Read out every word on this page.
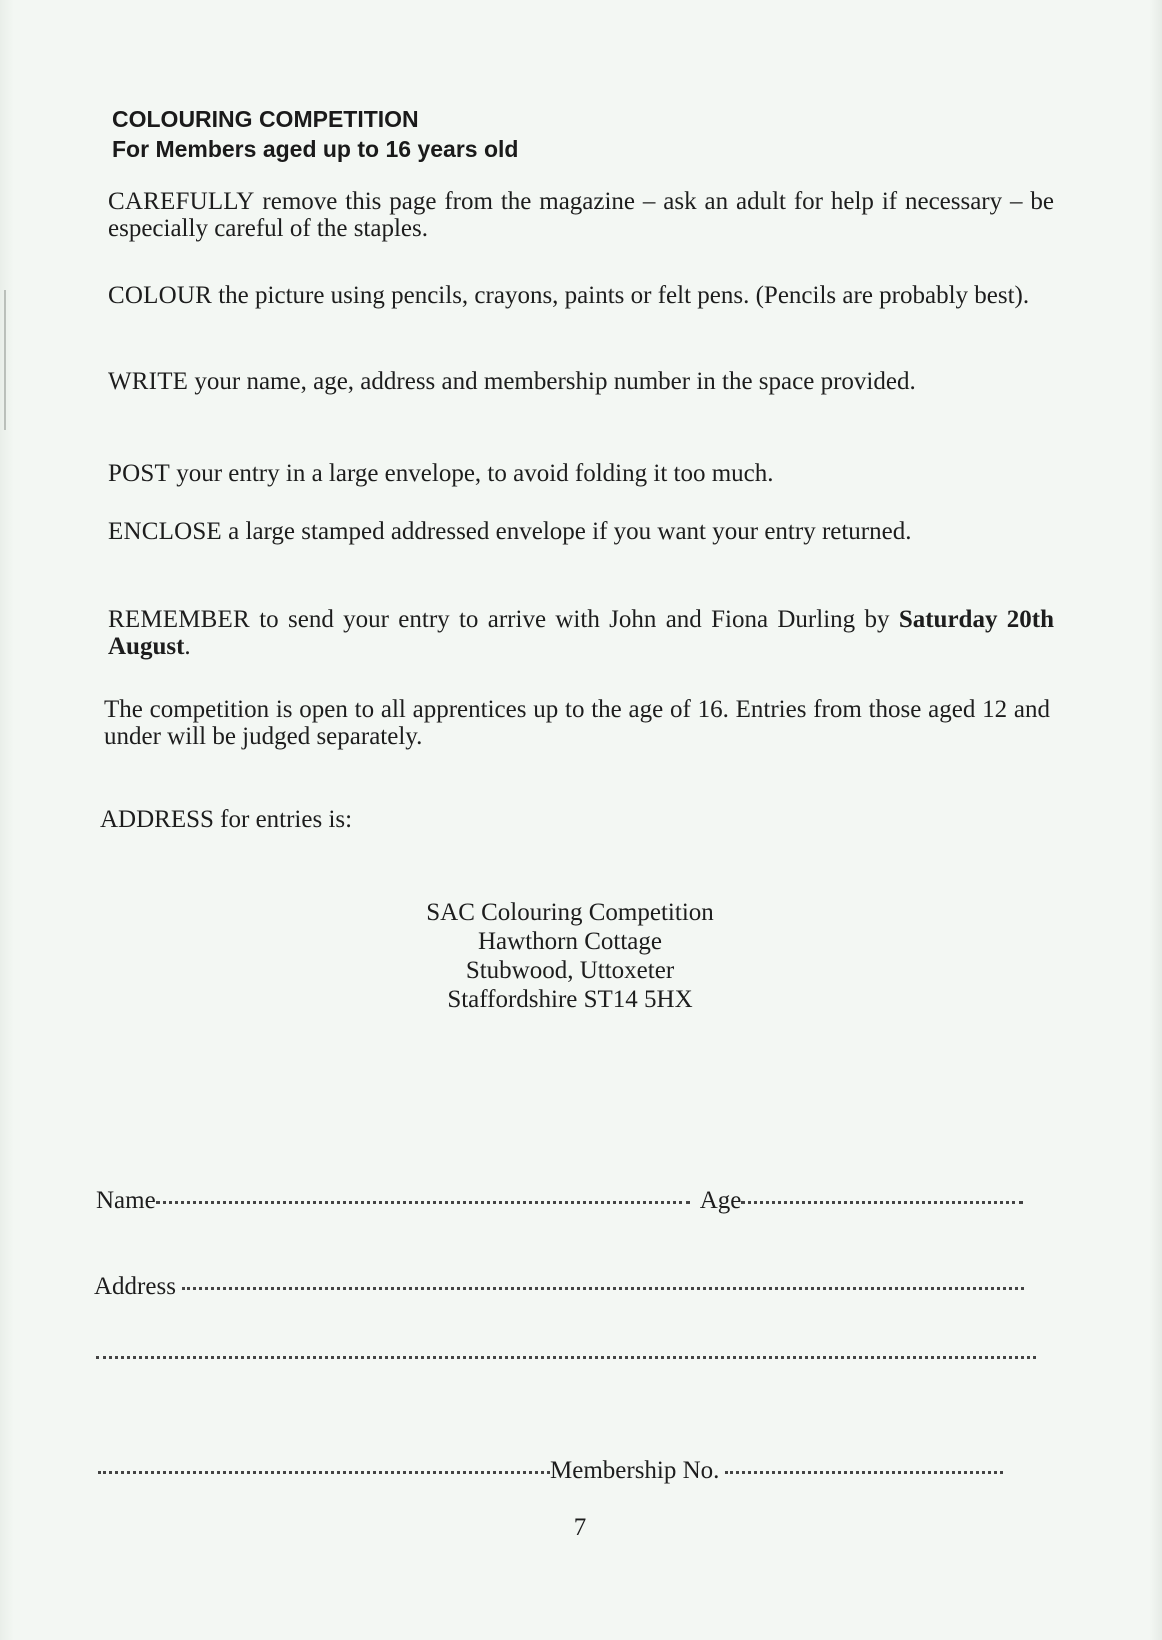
COLOURING COMPETITION
For Members aged up to 16 years old

CAREFULLY remove this page from the magazine – ask an adult for help if necessary – be especially careful of the staples.

COLOUR the picture using pencils, crayons, paints or felt pens. (Pencils are probably best).

WRITE your name, age, address and membership number in the space provided.

POST your entry in a large envelope, to avoid folding it too much.

ENCLOSE a large stamped addressed envelope if you want your entry returned.

REMEMBER to send your entry to arrive with John and Fiona Durling by Saturday 20th August.

The competition is open to all apprentices up to the age of 16. Entries from those aged 12 and under will be judged separately.

ADDRESS for entries is:
SAC Colouring Competition
Hawthorn Cottage
Stubwood, Uttoxeter
Staffordshire ST14 5HX
Name	Age
Address
Membership No.
7
